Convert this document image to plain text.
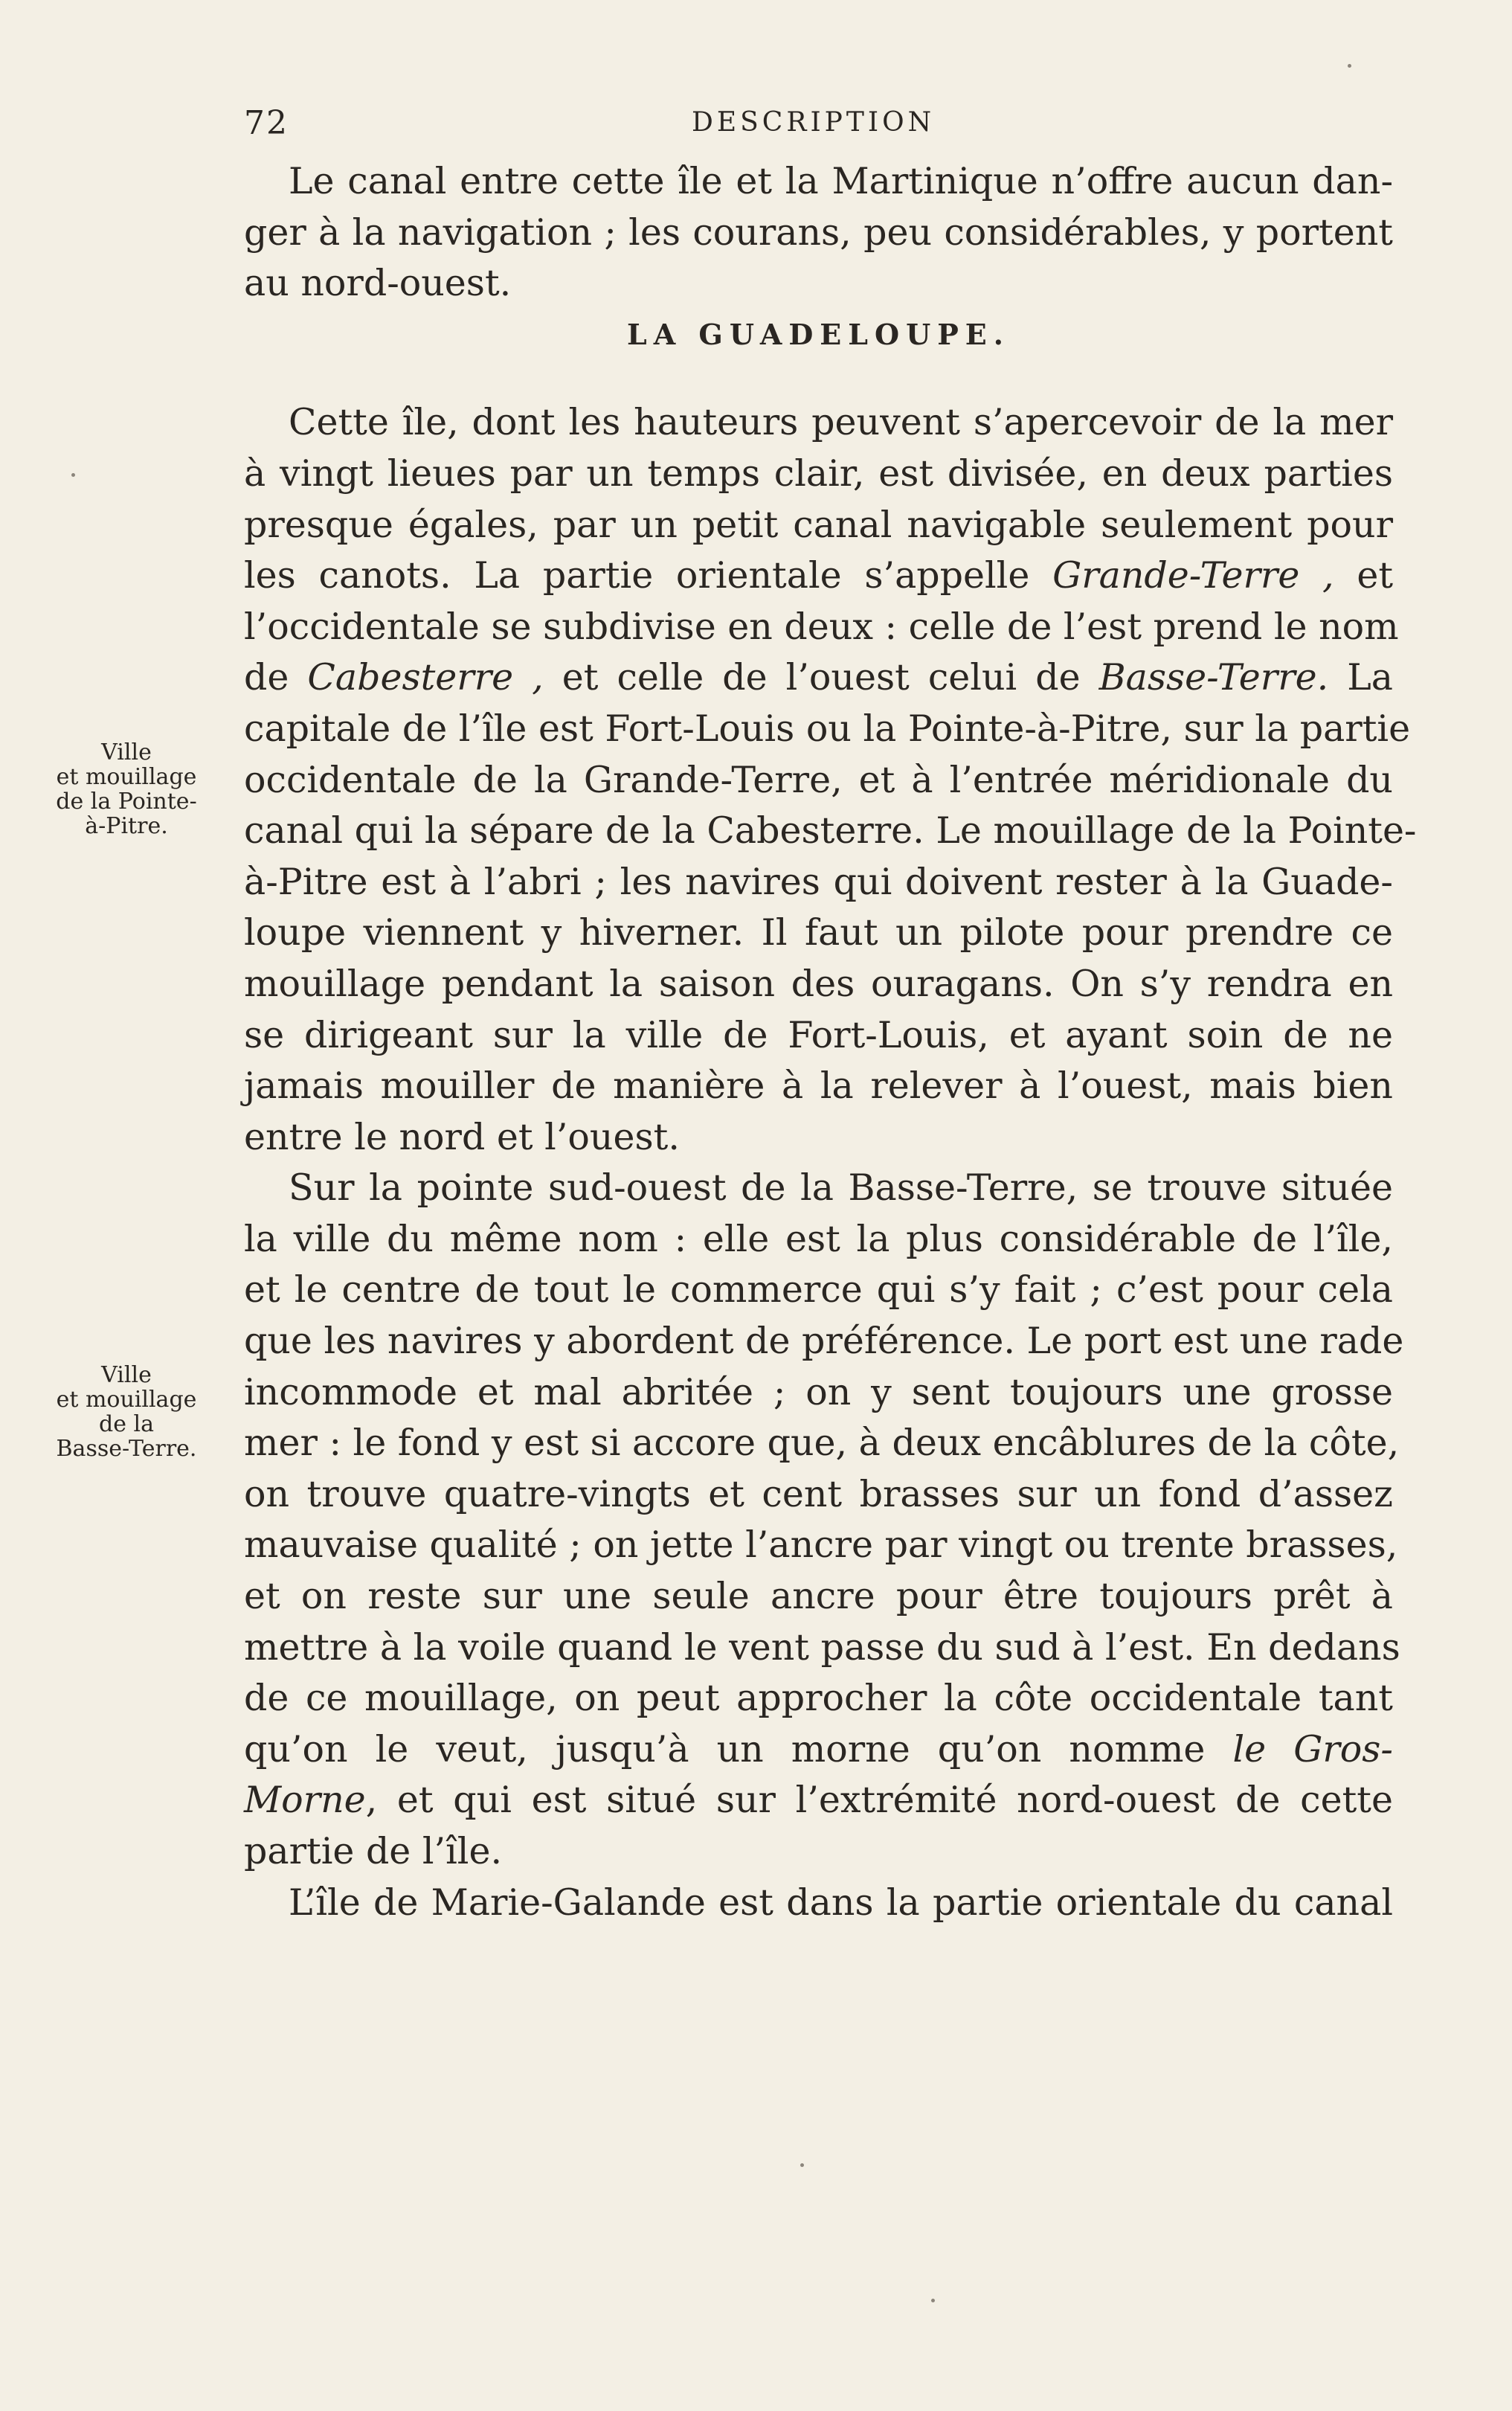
72	DESCRIPTION
Le canal entre cette île et la Martinique n’offre aucun dan-
ger à la navigation ; les courans, peu considérables, y portent
au nord-ouest.
LA GUADELOUPE.
Cette île, dont les hauteurs peuvent s’apercevoir de la mer
à vingt lieues par un temps clair, est divisée, en deux parties
presque égales, par un petit canal navigable seulement pour
les canots. La partie orientale s’appelle Grande-Terre , et
l’occidentale se subdivise en deux : celle de l’est prend le nom
de Cabesterre , et celle de l’ouest celui de Basse-Terre. La
capitale de l’île est Fort-Louis ou la Pointe-à-Pitre, sur la partie
occidentale de la Grande-Terre, et à l’entrée méridionale du
canal qui la sépare de la Cabesterre. Le mouillage de la Pointe-
à-Pitre est à l’abri ; les navires qui doivent rester à la Guade-
loupe viennent y hiverner. Il faut un pilote pour prendre ce
mouillage pendant la saison des ouragans. On s’y rendra en
se dirigeant sur la ville de Fort-Louis, et ayant soin de ne
jamais mouiller de manière à la relever à l’ouest, mais bien
entre le nord et l’ouest.
Sur la pointe sud-ouest de la Basse-Terre, se trouve située
la ville du même nom : elle est la plus considérable de l’île,
et le centre de tout le commerce qui s’y fait ; c’est pour cela
que les navires y abordent de préférence. Le port est une rade
incommode et mal abritée ; on y sent toujours une grosse
mer : le fond y est si accore que, à deux encâblures de la côte,
on trouve quatre-vingts et cent brasses sur un fond d’assez
mauvaise qualité ; on jette l’ancre par vingt ou trente brasses,
et on reste sur une seule ancre pour être toujours prêt à
mettre à la voile quand le vent passe du sud à l’est. En dedans
de ce mouillage, on peut approcher la côte occidentale tant
qu’on le veut, jusqu’à un morne qu’on nomme le Gros-
Morne, et qui est situé sur l’extrémité nord-ouest de cette
partie de l’île.
L’île de Marie-Galande est dans la partie orientale du canal
Ville
et mouillage
de la Pointe-
à-Pitre.
Ville
et mouillage
de la
Basse-Terre.
